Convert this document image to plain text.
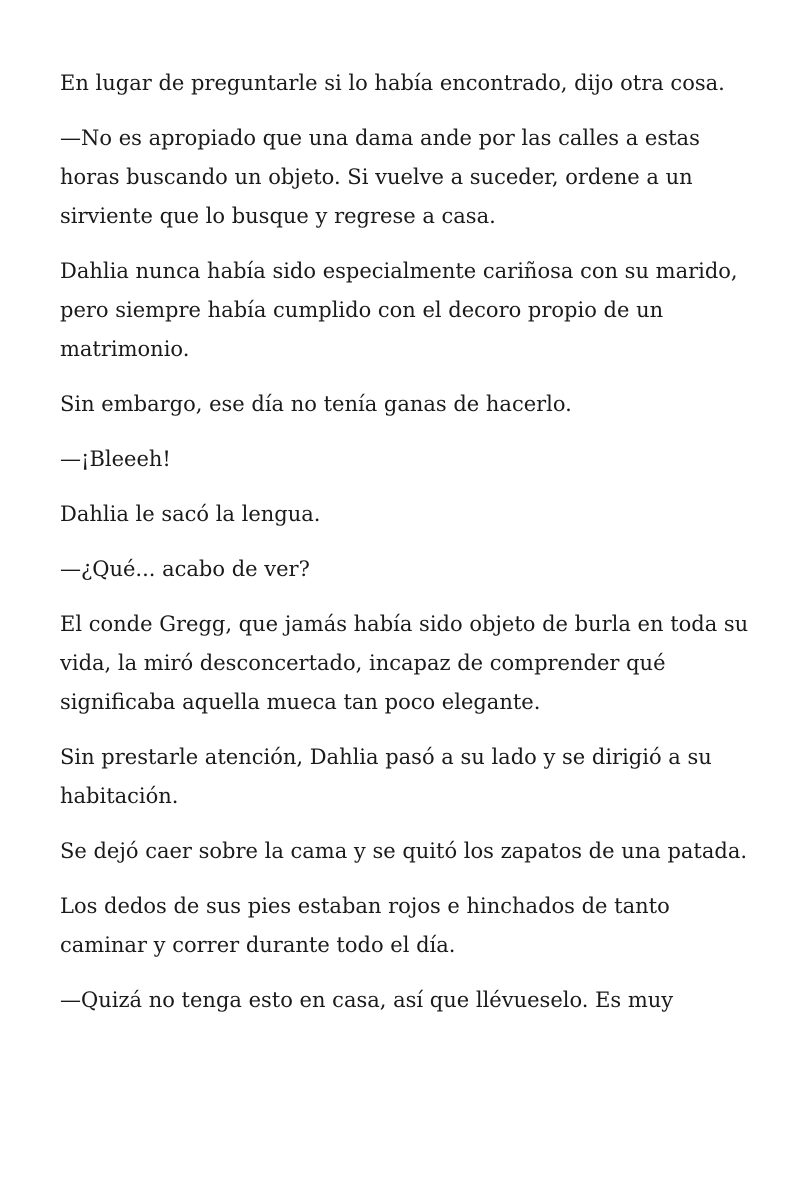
En lugar de preguntarle si lo había encontrado, dijo otra cosa.

—No es apropiado que una dama ande por las calles a estas horas buscando un objeto. Si vuelve a suceder, ordene a un sirviente que lo busque y regrese a casa.

Dahlia nunca había sido especialmente cariñosa con su marido, pero siempre había cumplido con el decoro propio de un matrimonio.

Sin embargo, ese día no tenía ganas de hacerlo.

—¡Bleeeh!

Dahlia le sacó la lengua.

—¿Qué... acabo de ver?

El conde Gregg, que jamás había sido objeto de burla en toda su vida, la miró desconcertado, incapaz de comprender qué significaba aquella mueca tan poco elegante.

Sin prestarle atención, Dahlia pasó a su lado y se dirigió a su habitación.

Se dejó caer sobre la cama y se quitó los zapatos de una patada.

Los dedos de sus pies estaban rojos e hinchados de tanto caminar y correr durante todo el día.

—Quizá no tenga esto en casa, así que llévueselo. Es muy
